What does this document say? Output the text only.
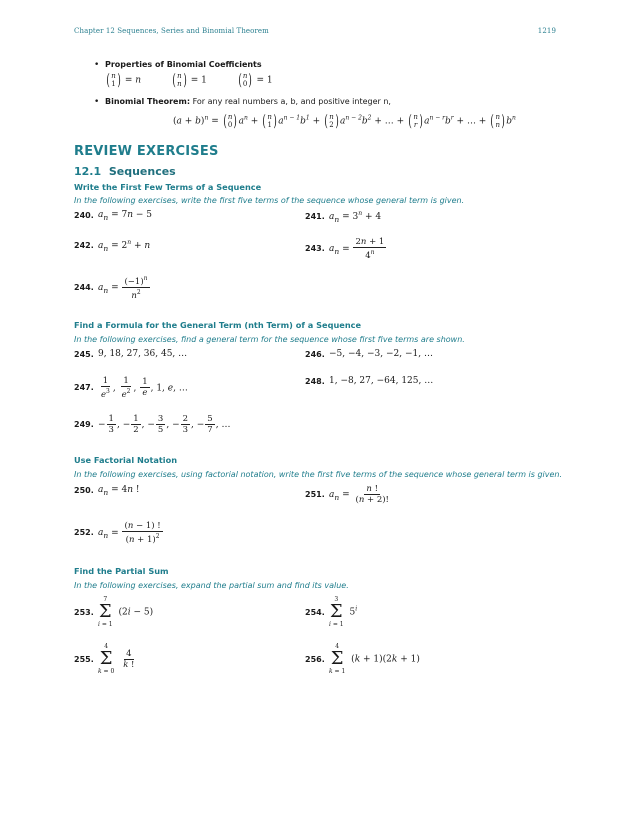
Chapter 12 Sequences, Series and Binomial Theorem	1219
• Properties of Binomial Coefficients
( n
1 ) = n ( n
n ) = 1 ( n
0 ) = 1
• Binomial Theorem: For any real numbers a, b, and positive integer n,
$(a + b)^n$ = ( n
0 ) $a^n$ + ( n
1 ) $a^{n - 1}b^1$ + ( n
2 ) $a^{n - 2}b^2$ + … + ( n
r ) $a^{n - r}b^r$ + … + ( n
n ) $b^n$
REVIEW EXERCISES
12.1 Sequences
Write the First Few Terms of a Sequence
In the following exercises, write the first five terms of the sequence whose general term is given.
240. $a_n = 7n - 5$	241. $a_n = 3^n + 4$
242. $a_n = 2^n + n$	243. $a_n = \frac{2n + 1}{4^n}$
244. $a_n = \frac{(-1)^n}{n^2}$
Find a Formula for the General Term (nth Term) of a Sequence
In the following exercises, find a general term for the sequence whose first five terms are shown.
245. 9, 18, 27, 36, 45, …	246. −5, −4, −3, −2, −1, …
247. $\frac{1}{e^3}$ , $\frac{1}{e^2}$ , $\frac{1}{e}$ , 1, e, …
248. 1, −8, 27, −64, 125, …
249. − $\frac{1}{3}$ , − $\frac{1}{2}$ , − $\frac{3}{5}$ , − $\frac{2}{3}$ , − $\frac{5}{7}$ , …
Use Factorial Notation
In the following exercises, using factorial notation, write the first five terms of the sequence whose general term is given.
250. $a_n = 4n$ !	251. $a_n = \frac{n !}{(n + 2)!}$
252. $a_n = \frac{(n - 1) !}{(n + 1)^2}$
Find the Partial Sum
In the following exercises, expand the partial sum and find its value.
253.
7
Σ
i = 1
(2i − 5)	254.
3
Σ
i = 1
5$^i$
255.
4
Σ
k = 0

$\frac{4}{k !}$	256.
4
Σ
k = 1
(k + 1)(2k + 1)
